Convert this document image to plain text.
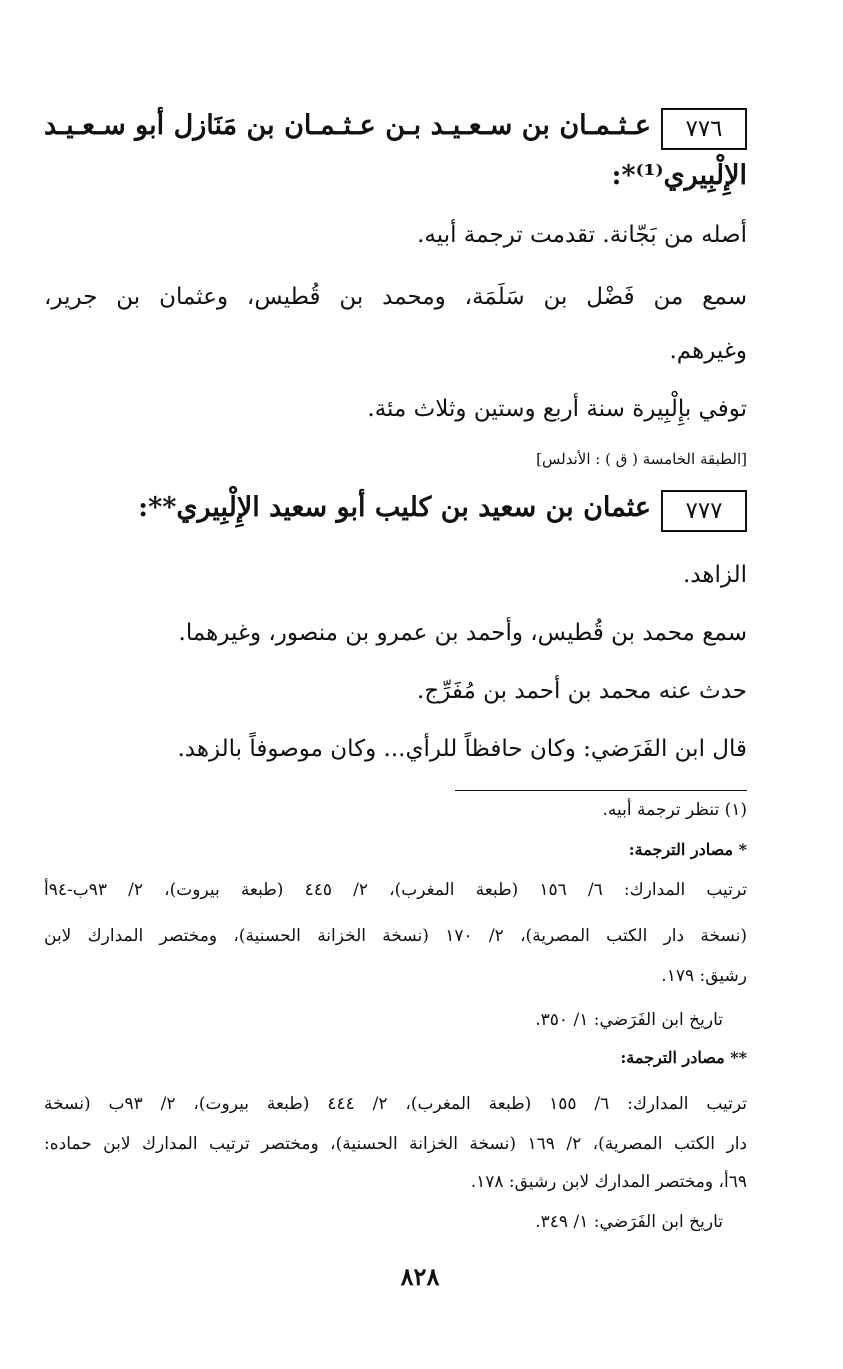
٧٧٦

عـثـمـان بن سـعـيـد بـن عـثـمـان بن مَنَازل أبو سـعـيـد

الإِلْبِيري⁽¹⁾*:

أصله من بَجّانة. تقدمت ترجمة أبيه.

سمع من فَضْل بن سَلَمَة، ومحمد بن قُطيس، وعثمان بن جرير،

وغيرهم.

توفي بإِلْبِيرة سنة أربع وستين وثلاث مئة.

[الطبقة الخامسة ( ق ) : الأندلس]

٧٧٧

عثمان بن سعيد بن كليب أبو سعيد الإِلْبِيري**:

الزاهد.

سمع محمد بن قُطيس، وأحمد بن عمرو بن منصور، وغيرهما.

حدث عنه محمد بن أحمد بن مُفَرِّج.

قال ابن الفَرَضي: وكان حافظاً للرأي... وكان موصوفاً بالزهد.

(١) تنظر ترجمة أبيه.

* مصادر الترجمة:

ترتيب المدارك: ٦/ ١٥٦ (طبعة المغرب)، ٢/ ٤٤٥ (طبعة بيروت)، ٢/ ٩٣ب-٩٤أ

(نسخة دار الكتب المصرية)، ٢/ ١٧٠ (نسخة الخزانة الحسنية)، ومختصر المدارك لابن

رشيق: ١٧٩.

تاريخ ابن الفَرَضي: ١/ ٣٥٠.

** مصادر الترجمة:

ترتيب المدارك: ٦/ ١٥٥ (طبعة المغرب)، ٢/ ٤٤٤ (طبعة بيروت)، ٢/ ٩٣ب (نسخة

دار الكتب المصرية)، ٢/ ١٦٩ (نسخة الخزانة الحسنية)، ومختصر ترتيب المدارك لابن حماده:

٦٩أ، ومختصر المدارك لابن رشيق: ١٧٨.

تاريخ ابن الفَرَضي: ١/ ٣٤٩.

٨٢٨
